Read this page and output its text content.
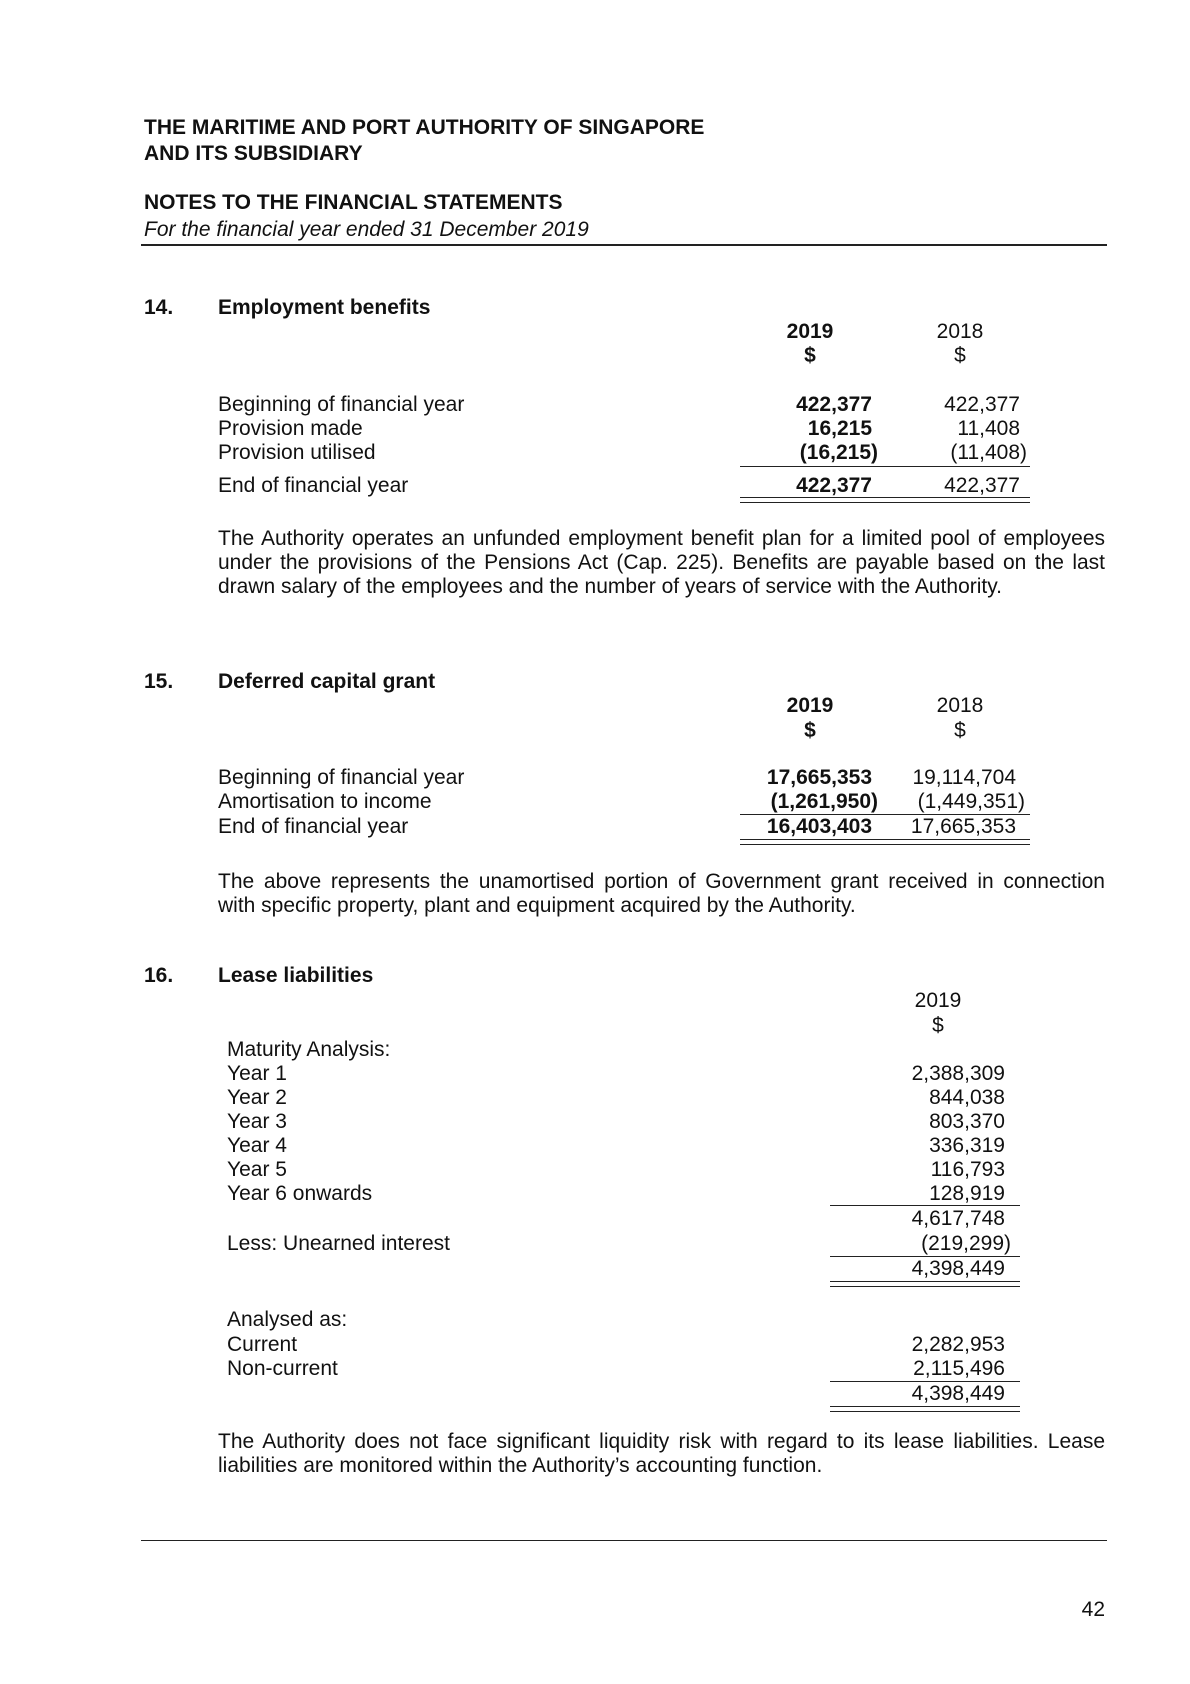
THE MARITIME AND PORT AUTHORITY OF SINGAPORE
AND ITS SUBSIDIARY
NOTES TO THE FINANCIAL STATEMENTS
For the financial year ended 31 December 2019
14. Employment benefits
2019	2018
$	$
Beginning of financial year	422,377	422,377
Provision made	16,215	11,408
Provision utilised	(16,215)	(11,408)
End of financial year	422,377	422,377
The Authority operates an unfunded employment benefit plan for a limited pool of employees under the provisions of the Pensions Act (Cap. 225). Benefits are payable based on the last drawn salary of the employees and the number of years of service with the Authority.
15. Deferred capital grant
2019	2018
$	$
Beginning of financial year	17,665,353 19,114,704
Amortisation to income	(1,261,950) (1,449,351)
End of financial year	16,403,403 17,665,353
The above represents the unamortised portion of Government grant received in connection with specific property, plant and equipment acquired by the Authority.
16. Lease liabilities
2019
$
Maturity Analysis:
Year 1	2,388,309
Year 2	844,038
Year 3	803,370
Year 4	336,319
Year 5	116,793
Year 6 onwards	128,919
4,617,748
Less: Unearned interest	(219,299)
4,398,449
Analysed as:
Current	2,282,953
Non-current	2,115,496
4,398,449
The Authority does not face significant liquidity risk with regard to its lease liabilities. Lease liabilities are monitored within the Authority’s accounting function.
42
